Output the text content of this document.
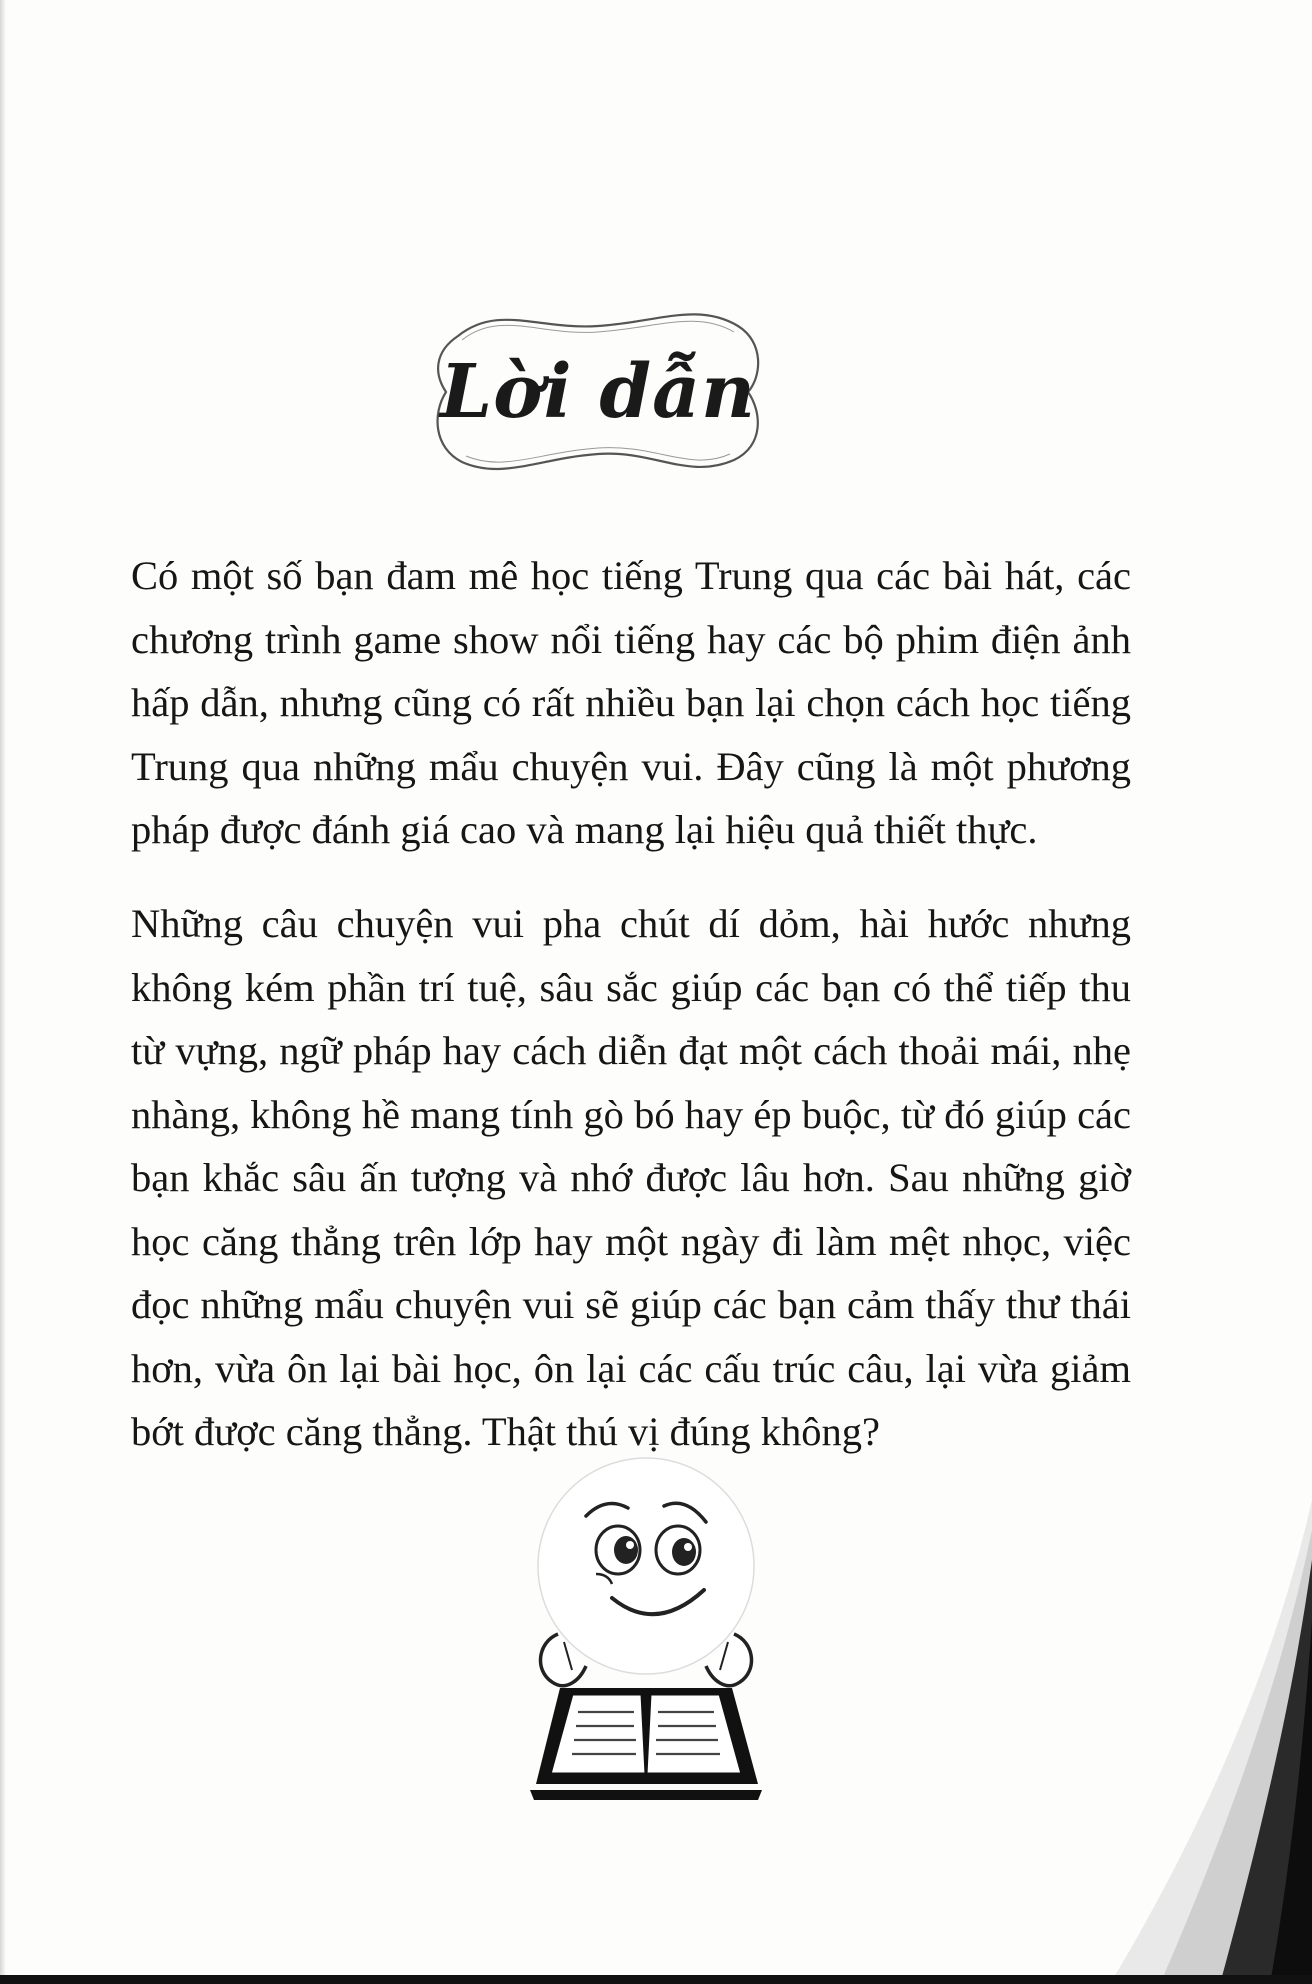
Lời dẫn

Có một số bạn đam mê học tiếng Trung qua các bài hát, các chương trình game show nổi tiếng hay các bộ phim điện ảnh hấp dẫn, nhưng cũng có rất nhiều bạn lại chọn cách học tiếng Trung qua những mẩu chuyện vui. Đây cũng là một phương pháp được đánh giá cao và mang lại hiệu quả thiết thực.

Những câu chuyện vui pha chút dí dỏm, hài hước nhưng không kém phần trí tuệ, sâu sắc giúp các bạn có thể tiếp thu từ vựng, ngữ pháp hay cách diễn đạt một cách thoải mái, nhẹ nhàng, không hề mang tính gò bó hay ép buộc, từ đó giúp các bạn khắc sâu ấn tượng và nhớ được lâu hơn. Sau những giờ học căng thẳng trên lớp hay một ngày đi làm mệt nhọc, việc đọc những mẩu chuyện vui sẽ giúp các bạn cảm thấy thư thái hơn, vừa ôn lại bài học, ôn lại các cấu trúc câu, lại vừa giảm bớt được căng thẳng. Thật thú vị đúng không?
